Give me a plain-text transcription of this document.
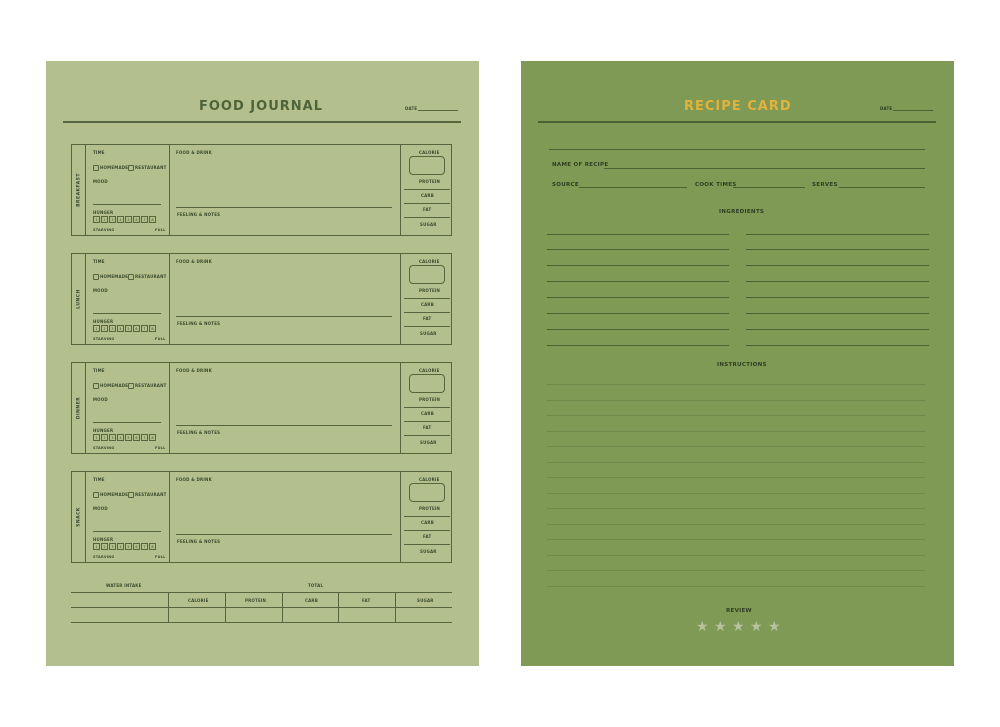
FOOD JOURNAL	DATE
BREAKFAST
TIME
HOMEMADE	RESTAURANT
MOOD
HUNGER
1	2	3	4	5	6	7	8
STARVING	FULL
FOOD & DRINK
FEELING & NOTES
CALORIE
PROTEIN
CARB
FAT
SUGAR
LUNCH
TIME
HOMEMADE	RESTAURANT
MOOD
HUNGER
1	2	3	4	5	6	7	8
STARVING	FULL
FOOD & DRINK
FEELING & NOTES
CALORIE
PROTEIN
CARB
FAT
SUGAR
DINNER
TIME
HOMEMADE	RESTAURANT
MOOD
HUNGER
1	2	3	4	5	6	7	8
STARVING	FULL
FOOD & DRINK
FEELING & NOTES
CALORIE
PROTEIN
CARB
FAT
SUGAR
SNACK
TIME
HOMEMADE	RESTAURANT
MOOD
HUNGER
1	2	3	4	5	6	7	8
STARVING	FULL
FOOD & DRINK
FEELING & NOTES
CALORIE
PROTEIN
CARB
FAT
SUGAR
WATER INTAKE	TOTAL
CALORIE	PROTEIN	CARB	FAT	SUGAR
RECIPE CARD	DATE
NAME OF RECIPE
SOURCE	COOK TIMES	SERVES
INGREDIENTS
INSTRUCTIONS
REVIEW
★ ★ ★ ★ ★
